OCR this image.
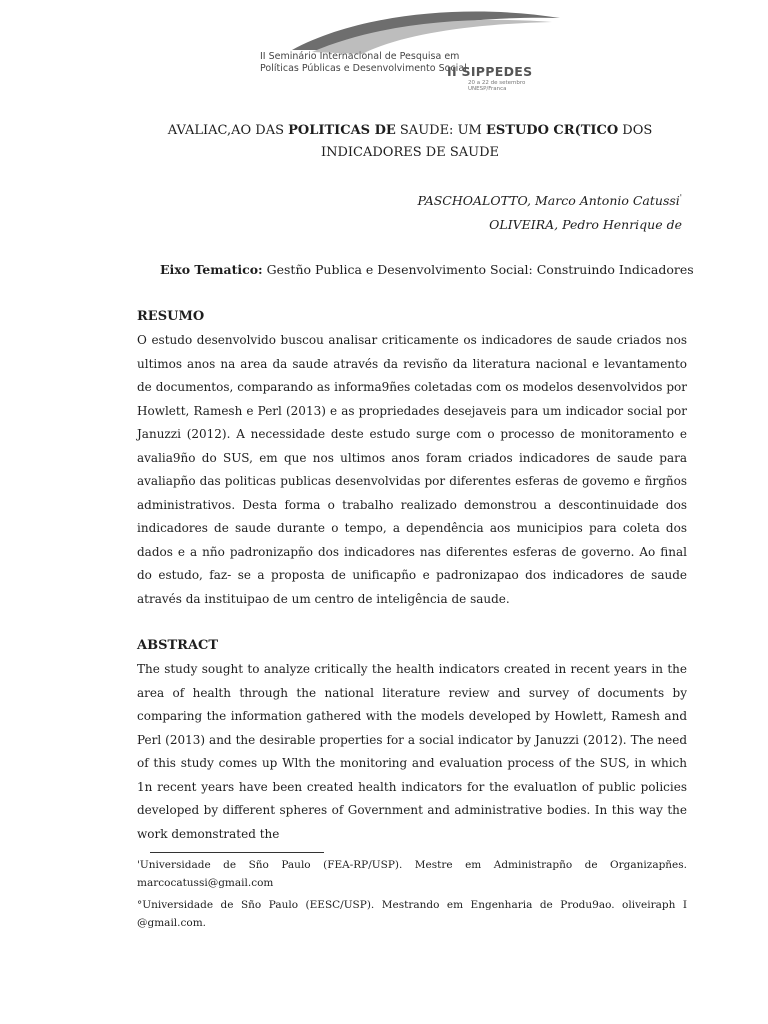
II Seminário Internacional de Pesquisa em
Políticas Públicas e Desenvolvimento Social
II SIPPEDES
20 a 22 de setembro
UNESP/Franca
AVALIAC,AO DAS POLITICAS DE SAUDE: UM ESTUDO CR(TICO DOS
INDICADORES DE SAUDE
PASCHOALOTTO, Marco Antonio Catussi'
OLIVEIRA, Pedro Henrique de
Eixo Tematico: Gestño Publica e Desenvolvimento Social: Construindo Indicadores
RESUMO

O estudo desenvolvido buscou analisar criticamente os indicadores de saude criados nos ultimos anos na area da saude através da revisño da literatura nacional e levantamento de documentos, comparando as informa9ñes coletadas com os modelos desenvolvidos por Howlett, Ramesh e Perl (2013) e as propriedades desejaveis para um indicador social por Januzzi (2012). A necessidade deste estudo surge com o processo de monitoramento e avalia9ño do SUS, em que nos ultimos anos foram criados indicadores de saude para avaliapño das politicas publicas desenvolvidas por diferentes esferas de govemo e ñrgños administrativos. Desta forma o trabalho realizado demonstrou a descontinuidade dos indicadores de saude durante o tempo, a dependência aos municipios para coleta dos dados e a nño padronizapño dos indicadores nas diferentes esferas de governo. Ao final do estudo, faz- se a proposta de unificapño e padronizapao dos indicadores de saude através da instituipao de um centro de inteligência de saude.

ABSTRACT

The study sought to analyze critically the health indicators created in recent years in the area of health through the national literature review and survey of documents by comparing the information gathered with the models developed by Howlett, Ramesh and Perl (2013) and the desirable properties for a social indicator by Januzzi (2012). The need of this study comes up Wlth the monitoring and evaluation process of the SUS, in which 1n recent years have been created health indicators for the evaluatlon of public policies developed by different spheres of Government and administrative bodies. In this way the work demonstrated the

'Universidade de Sño Paulo (FEA-RP/USP). Mestre em Administrapño de Organizapñes. marcocatussi@gmail.com

°Universidade de Sño Paulo (EESC/USP). Mestrando em Engenharia de Produ9ao. oliveiraph I @gmail.com.
